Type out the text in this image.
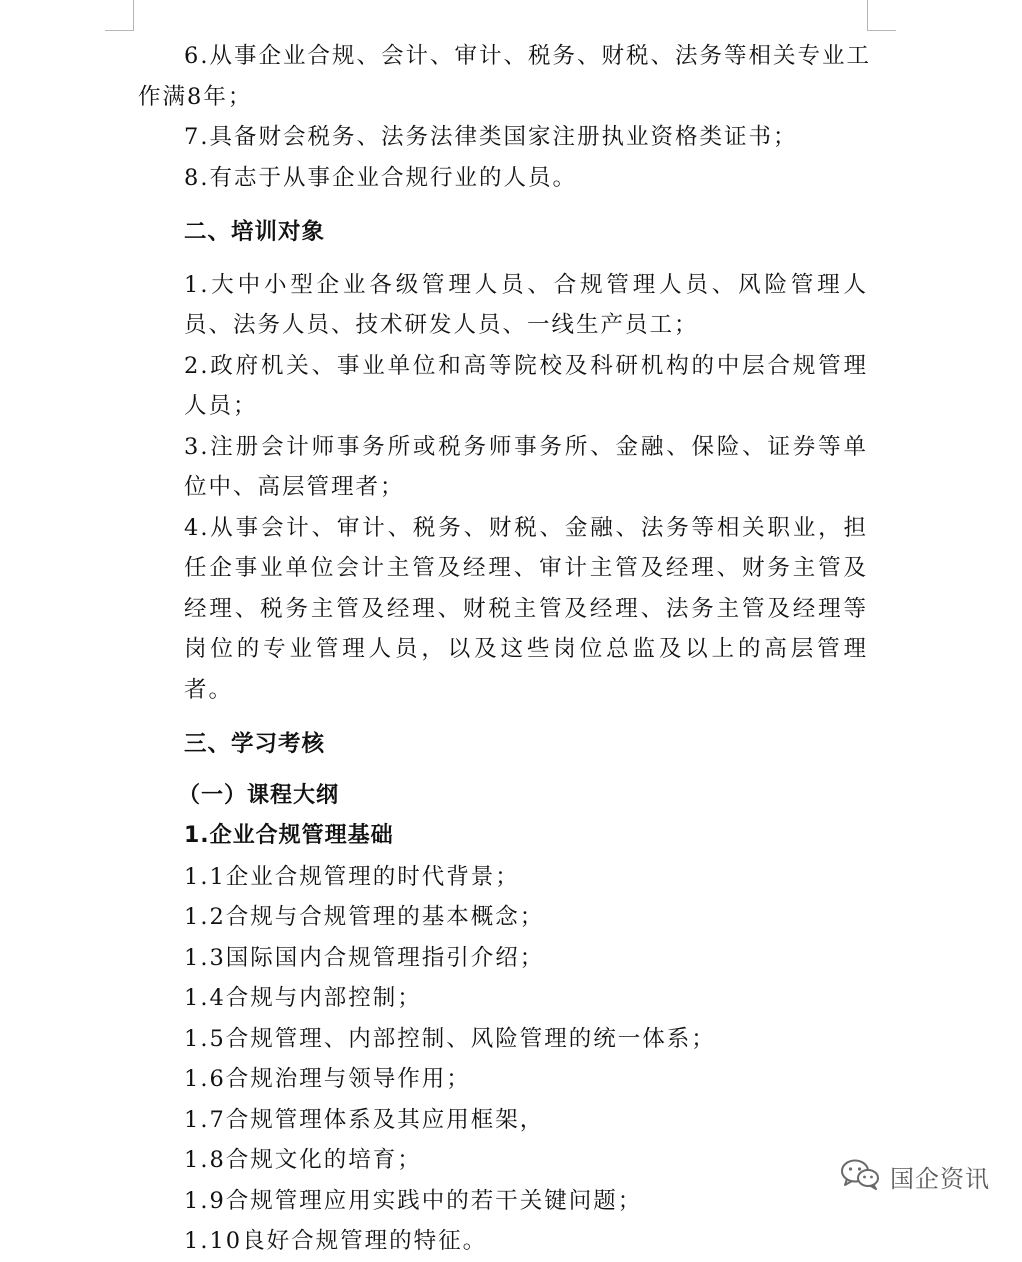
6.从事企业合规、会计、审计、税务、财税、法务等相关专业工

作满8年；

7.具备财会税务、法务法律类国家注册执业资格类证书；

8.有志于从事企业合规行业的人员。

二、培训对象

1.大中小型企业各级管理人员、合规管理人员、风险管理人员、法务人员、技术研发人员、一线生产员工；

2.政府机关、事业单位和高等院校及科研机构的中层合规管理人员；

3.注册会计师事务所或税务师事务所、金融、保险、证券等单位中、高层管理者；

4.从事会计、审计、税务、财税、金融、法务等相关职业，担任企事业单位会计主管及经理、审计主管及经理、财务主管及经理、税务主管及经理、财税主管及经理、法务主管及经理等岗位的专业管理人员，以及这些岗位总监及以上的高层管理者。

三、学习考核

（一）课程大纲

1.企业合规管理基础

1.1企业合规管理的时代背景；

1.2合规与合规管理的基本概念；

1.3国际国内合规管理指引介绍；

1.4合规与内部控制；

1.5合规管理、内部控制、风险管理的统一体系；

1.6合规治理与领导作用；

1.7合规管理体系及其应用框架，

1.8合规文化的培育；

1.9合规管理应用实践中的若干关键问题；

1.10良好合规管理的特征。

国企资讯
